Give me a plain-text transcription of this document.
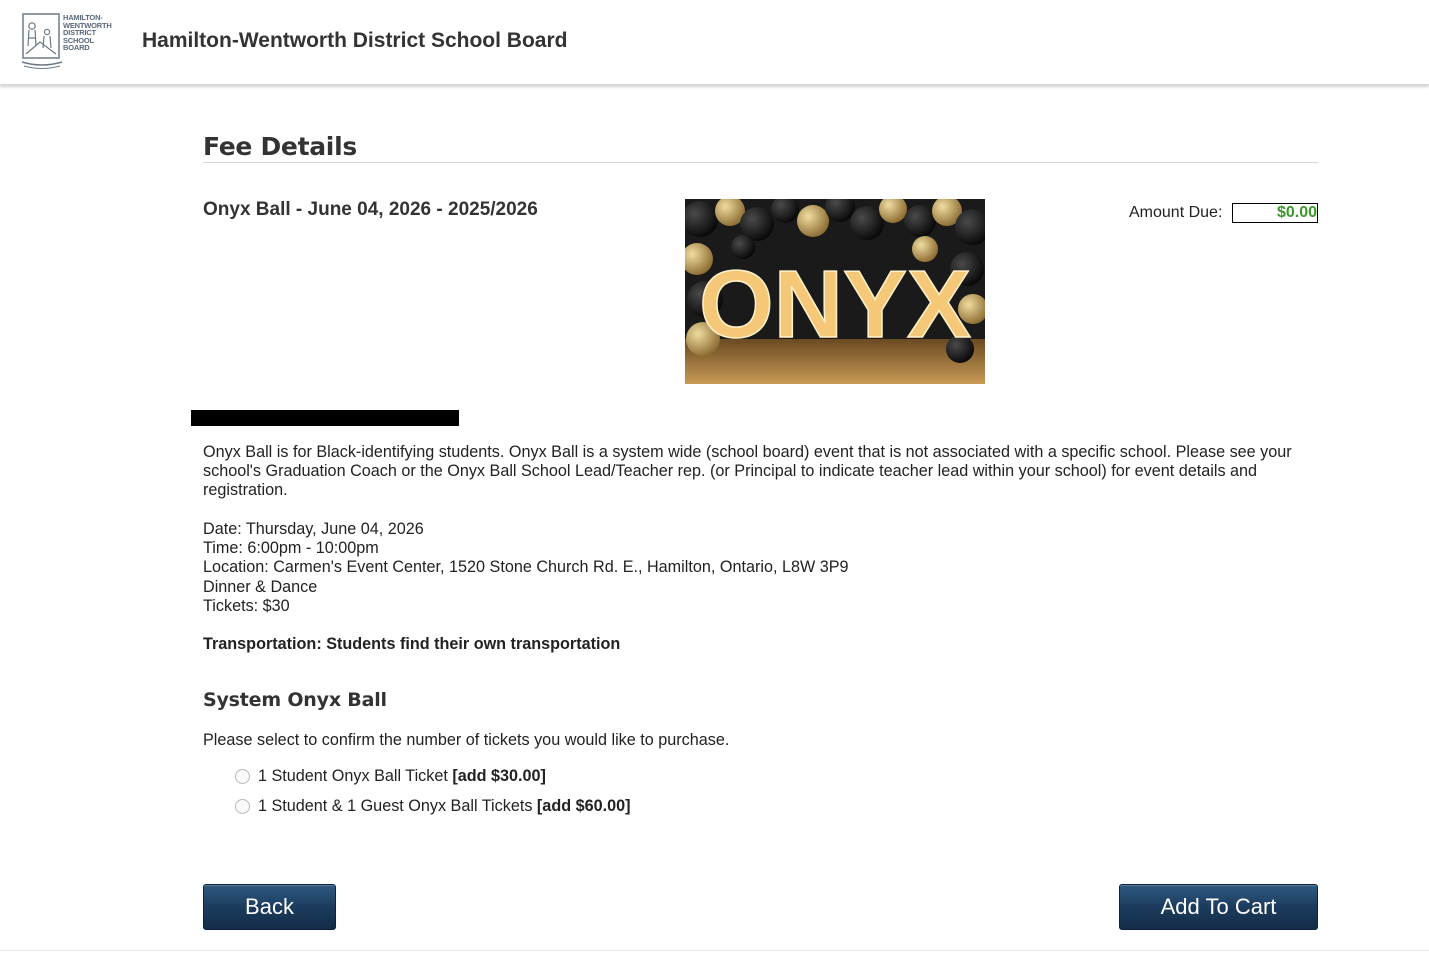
HAMILTON-
WENTWORTH
DISTRICT
SCHOOL
BOARD	Hamilton-Wentworth District School Board
Fee Details
Onyx Ball - June 04, 2026 - 2025/2026
ONYX
Amount Due:	$0.00
Onyx Ball is for Black-identifying students. Onyx Ball is a system wide (school board) event that is not associated with a specific school. Please see your school's Graduation Coach or the Onyx Ball School Lead/Teacher rep. (or Principal to indicate teacher lead within your school) for event details and registration.
Date: Thursday, June 04, 2026
Time: 6:00pm - 10:00pm
Location: Carmen's Event Center, 1520 Stone Church Rd. E., Hamilton, Ontario, L8W 3P9
Dinner & Dance
Tickets: $30
Transportation: Students find their own transportation
System Onyx Ball
Please select to confirm the number of tickets you would like to purchase.
1 Student Onyx Ball Ticket [add $30.00]
1 Student & 1 Guest Onyx Ball Tickets [add $60.00]
Back	Add To Cart
